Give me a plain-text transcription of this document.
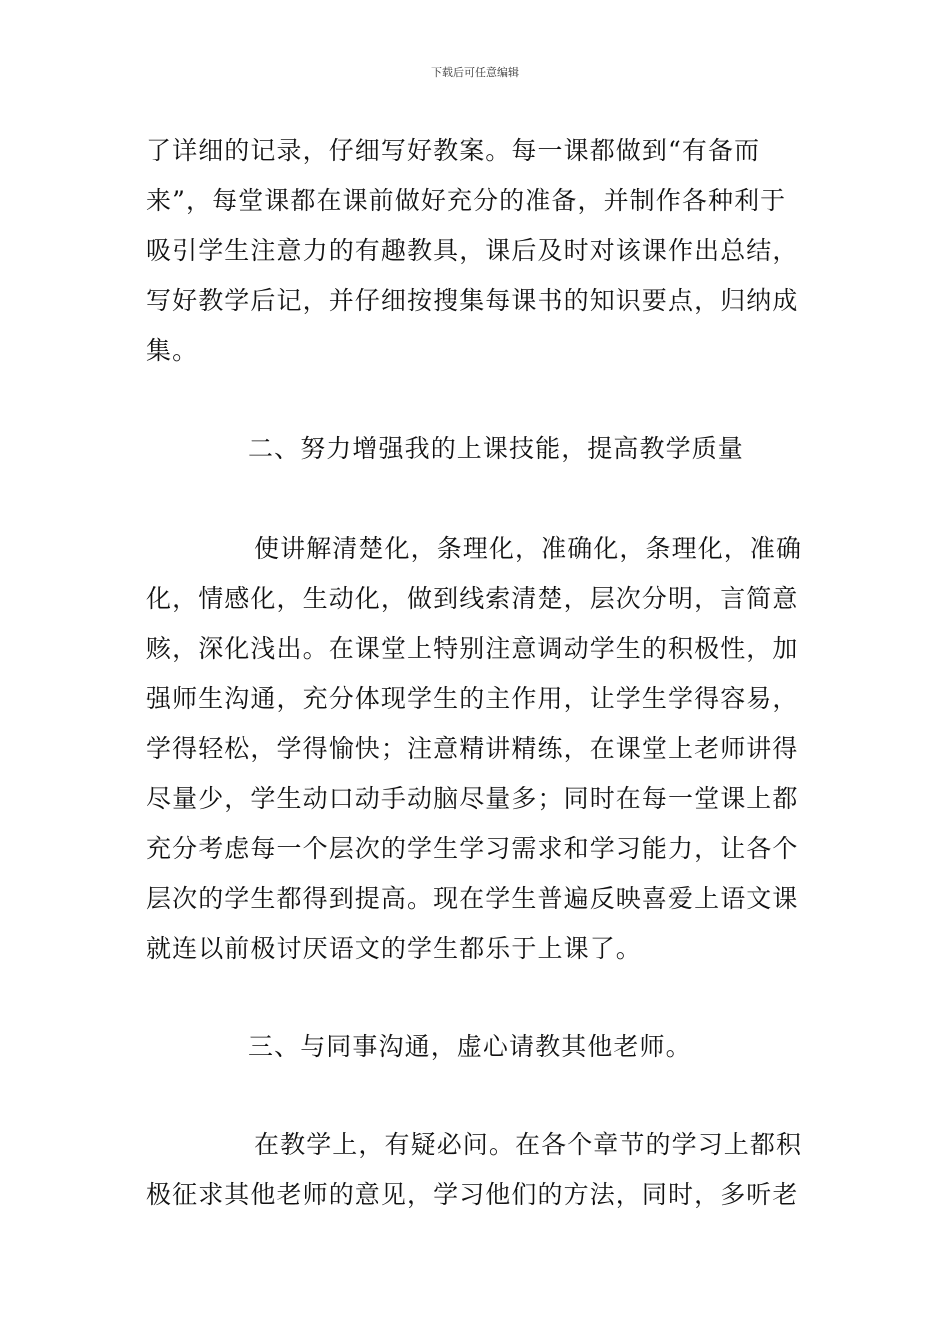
下载后可任意编辑
了详细的记录，仔细写好教案。每一课都做到“有备而
来”，每堂课都在课前做好充分的准备，并制作各种利于
吸引学生注意力的有趣教具，课后及时对该课作出总结，
写好教学后记，并仔细按搜集每课书的知识要点，归纳成
集。
二、努力增强我的上课技能，提高教学质量
使讲解清楚化，条理化，准确化，条理化，准确
化，情感化，生动化，做到线索清楚，层次分明，言简意
赅，深化浅出。在课堂上特别注意调动学生的积极性，加
强师生沟通，充分体现学生的主作用，让学生学得容易，
学得轻松，学得愉快；注意精讲精练，在课堂上老师讲得
尽量少，学生动口动手动脑尽量多；同时在每一堂课上都
充分考虑每一个层次的学生学习需求和学习能力，让各个
层次的学生都得到提高。现在学生普遍反映喜爱上语文课
就连以前极讨厌语文的学生都乐于上课了。
三、与同事沟通，虚心请教其他老师。
在教学上，有疑必问。在各个章节的学习上都积
极征求其他老师的意见，学习他们的方法，同时，多听老
